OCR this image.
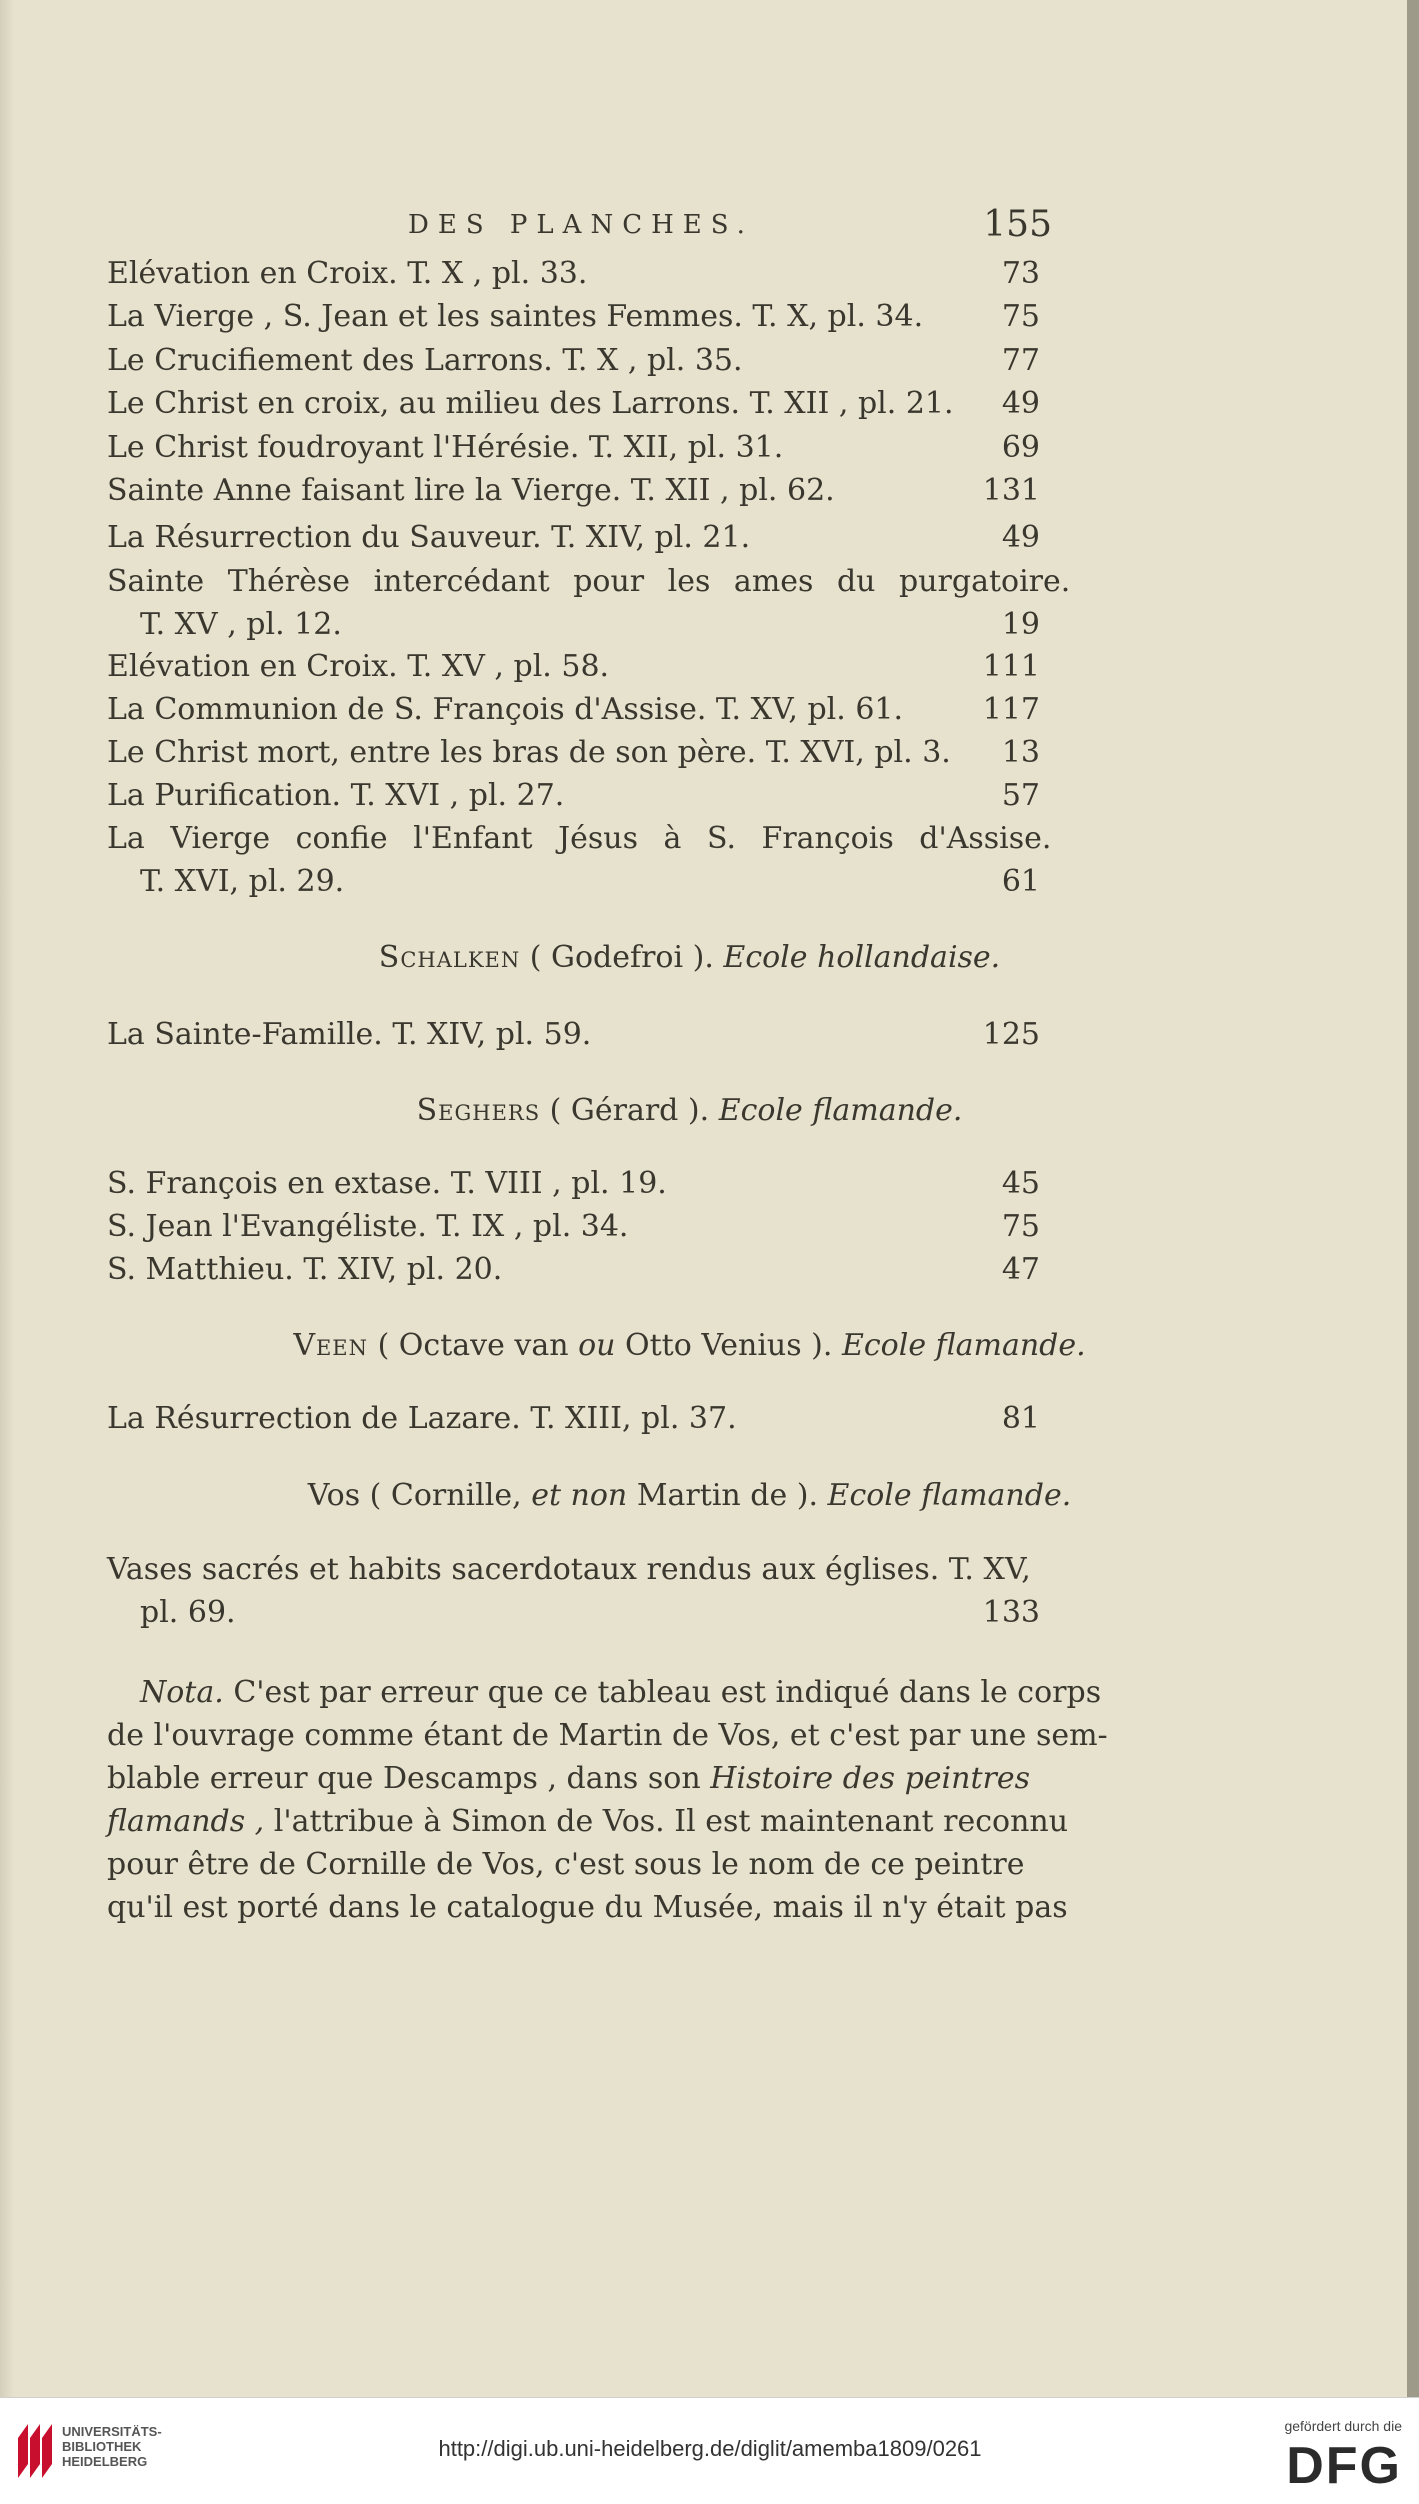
DES PLANCHES.	155
Elévation en Croix. T. X , pl. 33.	73
La Vierge , S. Jean et les saintes Femmes. T. X, pl. 34.	75
Le Crucifiement des Larrons. T. X , pl. 35.	77
Le Christ en croix, au milieu des Larrons. T. XII , pl. 21. 49
Le Christ foudroyant l'Hérésie. T. XII, pl. 31.	69
Sainte Anne faisant lire la Vierge. T. XII , pl. 62.	131
La Résurrection du Sauveur. T. XIV, pl. 21.	49
Sainte Thérèse intercédant pour les ames du purgatoire.
T. XV , pl. 12.	19
Elévation en Croix. T. XV , pl. 58.	111
La Communion de S. François d'Assise. T. XV, pl. 61.	117
Le Christ mort, entre les bras de son père. T. XVI, pl. 3. 13
La Purification. T. XVI , pl. 27.	57
La Vierge confie l'Enfant Jésus à S. François d'Assise.
T. XVI, pl. 29.	61
Schalken ( Godefroi ). Ecole hollandaise.
La Sainte-Famille. T. XIV, pl. 59.	125
Seghers ( Gérard ). Ecole flamande.
S. François en extase. T. VIII , pl. 19.	45
S. Jean l'Evangéliste. T. IX , pl. 34.	75
S. Matthieu. T. XIV, pl. 20.	47
Veen ( Octave van ou Otto Venius ). Ecole flamande.
La Résurrection de Lazare. T. XIII, pl. 37.	81
Vos ( Cornille, et non Martin de ). Ecole flamande.
Vases sacrés et habits sacerdotaux rendus aux églises. T. XV,
pl. 69.	133
Nota. C'est par erreur que ce tableau est indiqué dans le corps
de l'ouvrage comme étant de Martin de Vos, et c'est par une sem-
blable erreur que Descamps , dans son Histoire des peintres
flamands , l'attribue à Simon de Vos. Il est maintenant reconnu
pour être de Cornille de Vos, c'est sous le nom de ce peintre
qu'il est porté dans le catalogue du Musée, mais il n'y était pas
UNIVERSITÄTS-
BIBLIOTHEK
HEIDELBERG
http://digi.ub.uni-heidelberg.de/diglit/amemba1809/0261
gefördert durch die
DFG
